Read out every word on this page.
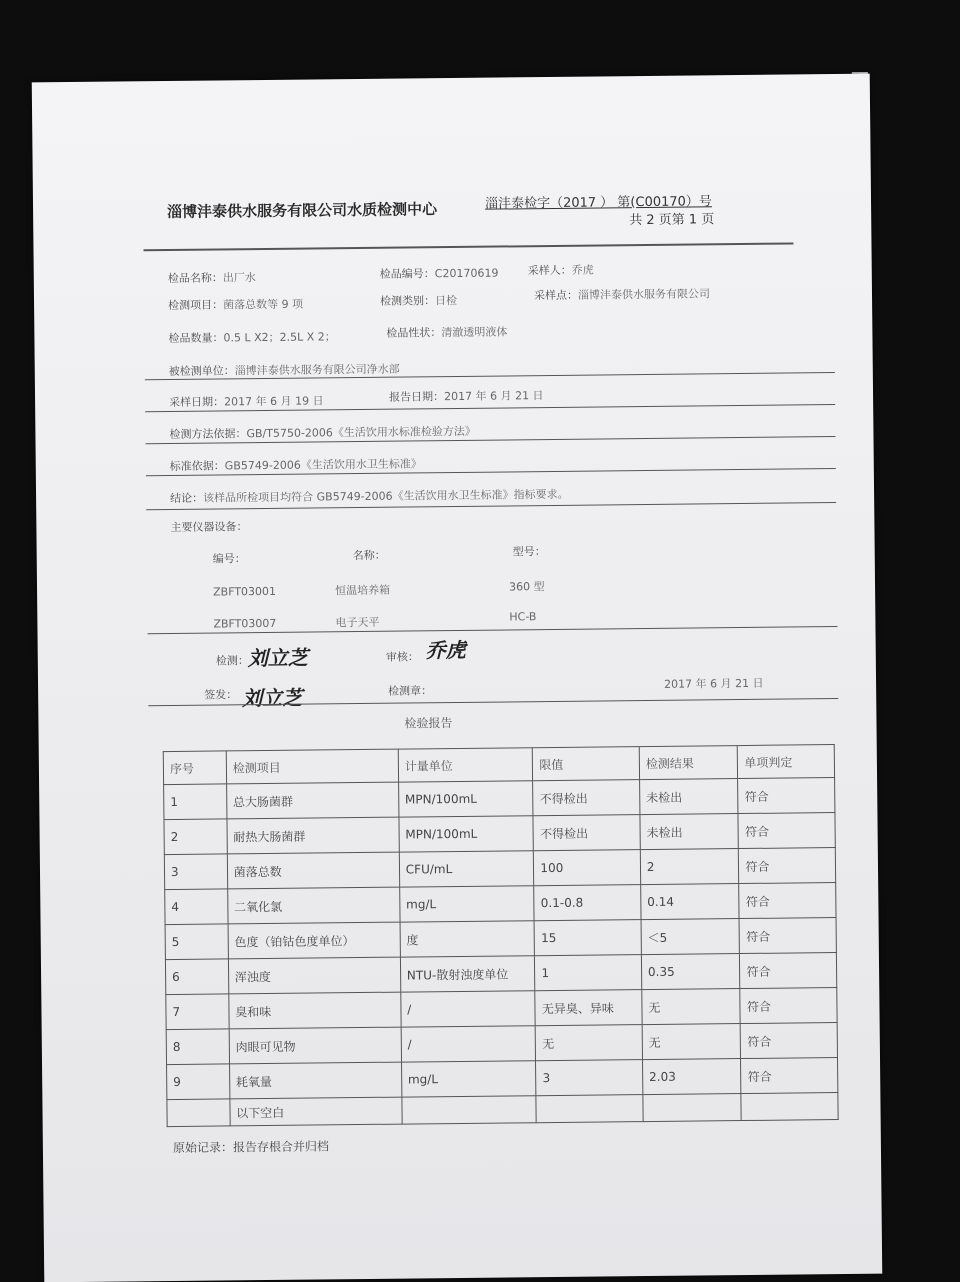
淄博沣泰供水服务有限公司水质检测中心	淄沣泰检字（2017 ） 第(C00170）号
共 2 页第 1 页
检品名称：出厂水	检品编号：C20170619	采样人：乔虎
检测项目：菌落总数等 9 项	检测类别：日检	采样点：淄博沣泰供水服务有限公司
检品数量：0.5 L X2；2.5L X 2；	检品性状：清澈透明液体
被检测单位：淄博沣泰供水服务有限公司净水部
采样日期：2017 年 6 月 19 日	报告日期：2017 年 6 月 21 日
检测方法依据：GB/T5750-2006《生活饮用水标准检验方法》
标准依据：GB5749-2006《生活饮用水卫生标准》
结论：该样品所检项目均符合 GB5749-2006《生活饮用水卫生标准》指标要求。
主要仪器设备：
编号：	名称：	型号：
ZBFT03001	恒温培养箱	360 型
ZBFT03007	电子天平	HC-B
检测：
刘立芝	审核： 乔虎
签发： 刘立芝	检测章：
2017 年 6 月 21 日
检验报告
序号	检测项目	计量单位	限值	检测结果	单项判定
1	总大肠菌群	MPN/100mL	不得检出	未检出	符合
2	耐热大肠菌群	MPN/100mL	不得检出	未检出	符合
3	菌落总数	CFU/mL	100	2	符合
4	二氧化氯	mg/L	0.1-0.8	0.14	符合
5	色度（铂钴色度单位）	度	15	＜5	符合
6	浑浊度	NTU-散射浊度单位	1	0.35	符合
7	臭和味	/	无异臭、异味	无	符合
8	肉眼可见物	/	无	无	符合
9	耗氧量	mg/L	3	2.03	符合
	以下空白				
原始记录：报告存根合并归档
